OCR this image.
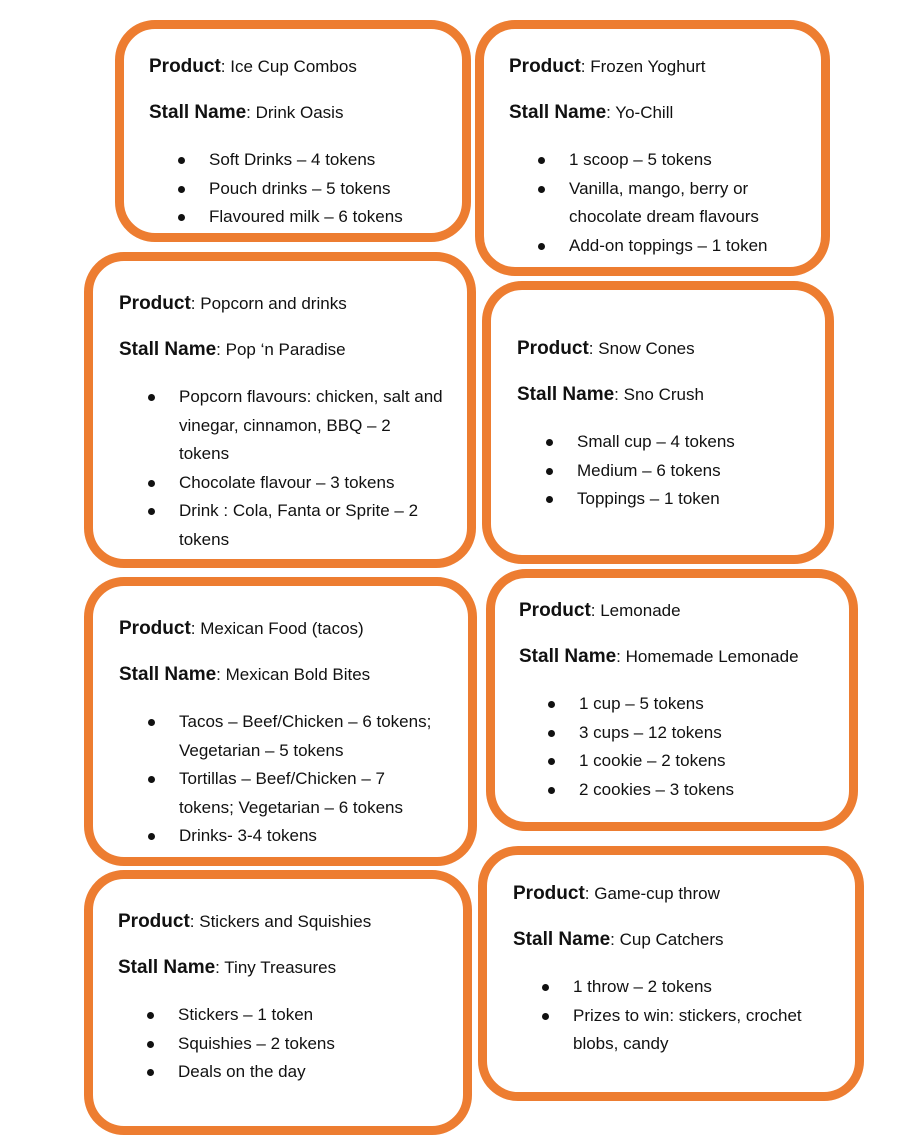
Product: Ice Cup Combos

Stall Name: Drink Oasis

Soft Drinks – 4 tokens
Pouch drinks – 5 tokens
Flavoured milk – 6 tokens

Product: Frozen Yoghurt

Stall Name: Yo-Chill

1 scoop – 5 tokens
Vanilla, mango, berry or chocolate dream flavours
Add-on toppings – 1 token

Product: Popcorn and drinks

Stall Name: Pop ‘n Paradise

Popcorn flavours: chicken, salt and vinegar, cinnamon, BBQ – 2 tokens
Chocolate flavour – 3 tokens
Drink : Cola, Fanta or Sprite – 2 tokens

Product: Snow Cones

Stall Name: Sno Crush

Small cup – 4 tokens
Medium – 6 tokens
Toppings – 1 token

Product: Mexican Food (tacos)

Stall Name: Mexican Bold Bites

Tacos – Beef/Chicken – 6 tokens; Vegetarian – 5 tokens
Tortillas – Beef/Chicken – 7 tokens; Vegetarian – 6 tokens
Drinks- 3-4 tokens

Product: Lemonade

Stall Name: Homemade Lemonade

1 cup – 5 tokens
3 cups – 12 tokens
1 cookie – 2 tokens
2 cookies – 3 tokens

Product: Stickers and Squishies

Stall Name: Tiny Treasures

Stickers – 1 token
Squishies – 2 tokens
Deals on the day

Product: Game-cup throw

Stall Name: Cup Catchers

1 throw – 2 tokens
Prizes to win: stickers, crochet blobs, candy
